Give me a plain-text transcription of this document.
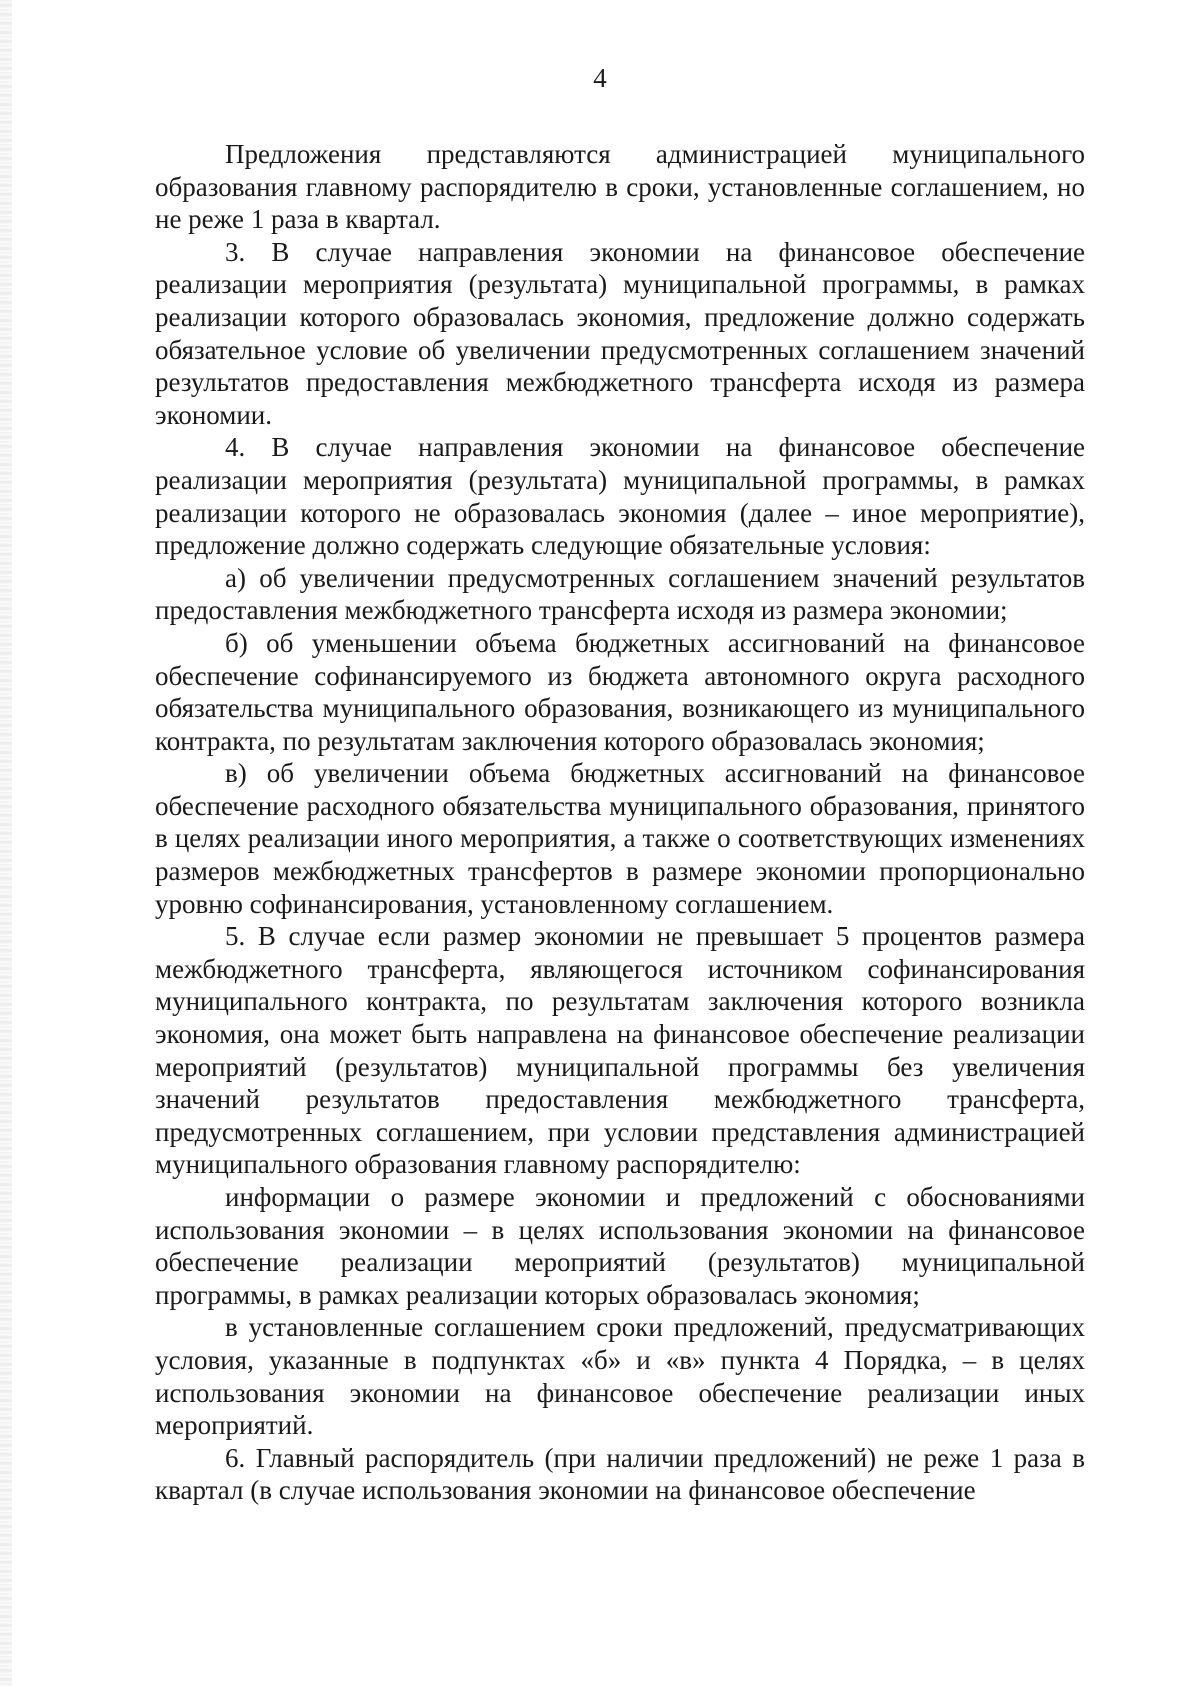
4

Предложения представляются администрацией муниципального образования главному распорядителю в сроки, установленные соглашением, но не реже 1 раза в квартал.

3. В случае направления экономии на финансовое обеспечение реализации мероприятия (результата) муниципальной программы, в рамках реализации которого образовалась экономия, предложение должно содержать обязательное условие об увеличении предусмотренных соглашением значений результатов предоставления межбюджетного трансферта исходя из размера экономии.

4. В случае направления экономии на финансовое обеспечение реализации мероприятия (результата) муниципальной программы, в рамках реализации которого не образовалась экономия (далее – иное мероприятие), предложение должно содержать следующие обязательные условия:

а) об увеличении предусмотренных соглашением значений результатов предоставления межбюджетного трансферта исходя из размера экономии;

б) об уменьшении объема бюджетных ассигнований на финансовое обеспечение софинансируемого из бюджета автономного округа расходного обязательства муниципального образования, возникающего из муниципального контракта, по результатам заключения которого образовалась экономия;

в) об увеличении объема бюджетных ассигнований на финансовое обеспечение расходного обязательства муниципального образования, принятого в целях реализации иного мероприятия, а также о соответствующих изменениях размеров межбюджетных трансфертов в размере экономии пропорционально уровню софинансирования, установленному соглашением.

5. В случае если размер экономии не превышает 5 процентов размера межбюджетного трансферта, являющегося источником софинансирования муниципального контракта, по результатам заключения которого возникла экономия, она может быть направлена на финансовое обеспечение реализации мероприятий (результатов) муниципальной программы без увеличения значений результатов предоставления межбюджетного трансферта, предусмотренных соглашением, при условии представления администрацией муниципального образования главному распорядителю:

информации о размере экономии и предложений с обоснованиями использования экономии – в целях использования экономии на финансовое обеспечение реализации мероприятий (результатов) муниципальной программы, в рамках реализации которых образовалась экономия;

в установленные соглашением сроки предложений, предусматривающих условия, указанные в подпунктах «б» и «в» пункта 4 Порядка, – в целях использования экономии на финансовое обеспечение реализации иных мероприятий.

6. Главный распорядитель (при наличии предложений) не реже 1 раза в квартал (в случае использования экономии на финансовое обеспечение
